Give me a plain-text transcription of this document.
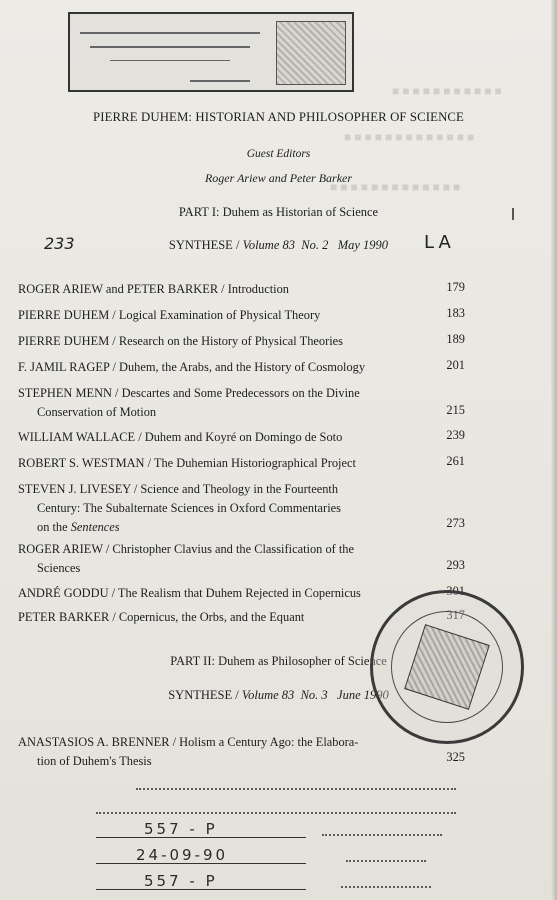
■ ■ ■ ■ ■ ■ ■ ■ ■ ■ ■
■ ■ ■ ■ ■ ■ ■ ■ ■ ■ ■ ■ ■
■ ■ ■ ■ ■ ■ ■ ■ ■ ■ ■ ■ ■
PIERRE DUHEM: HISTORIAN AND PHILOSOPHER OF SCIENCE
Guest Editors
Roger Ariew and Peter Barker
PART I: Duhem as Historian of Science
233	LA
SYNTHESE / Volume 83 No. 2 May 1990
ROGER ARIEW and PETER BARKER / Introduction	179
PIERRE DUHEM / Logical Examination of Physical Theory	183
PIERRE DUHEM / Research on the History of Physical Theories	189
F. JAMIL RAGEP / Duhem, the Arabs, and the History of Cosmology	201
STEPHEN MENN / Descartes and Some Predecessors on the Divine
Conservation of Motion	215
WILLIAM WALLACE / Duhem and Koyré on Domingo de Soto	239
ROBERT S. WESTMAN / The Duhemian Historiographical Project	261
STEVEN J. LIVESEY / Science and Theology in the Fourteenth
Century: The Subalternate Sciences in Oxford Commentaries
on the Sentences	273
ROGER ARIEW / Christopher Clavius and the Classification of the
Sciences	293
ANDRÉ GODDU / The Realism that Duhem Rejected in Copernicus	301
PETER BARKER / Copernicus, the Orbs, and the Equant	317
PART II: Duhem as Philosopher of Science
SYNTHESE / Volume 83 No. 3 June 1990
ANASTASIOS A. BRENNER / Holism a Century Ago: the Elabora-
tion of Duhem's Thesis	325
557 - P
24-09-90
557 - P
